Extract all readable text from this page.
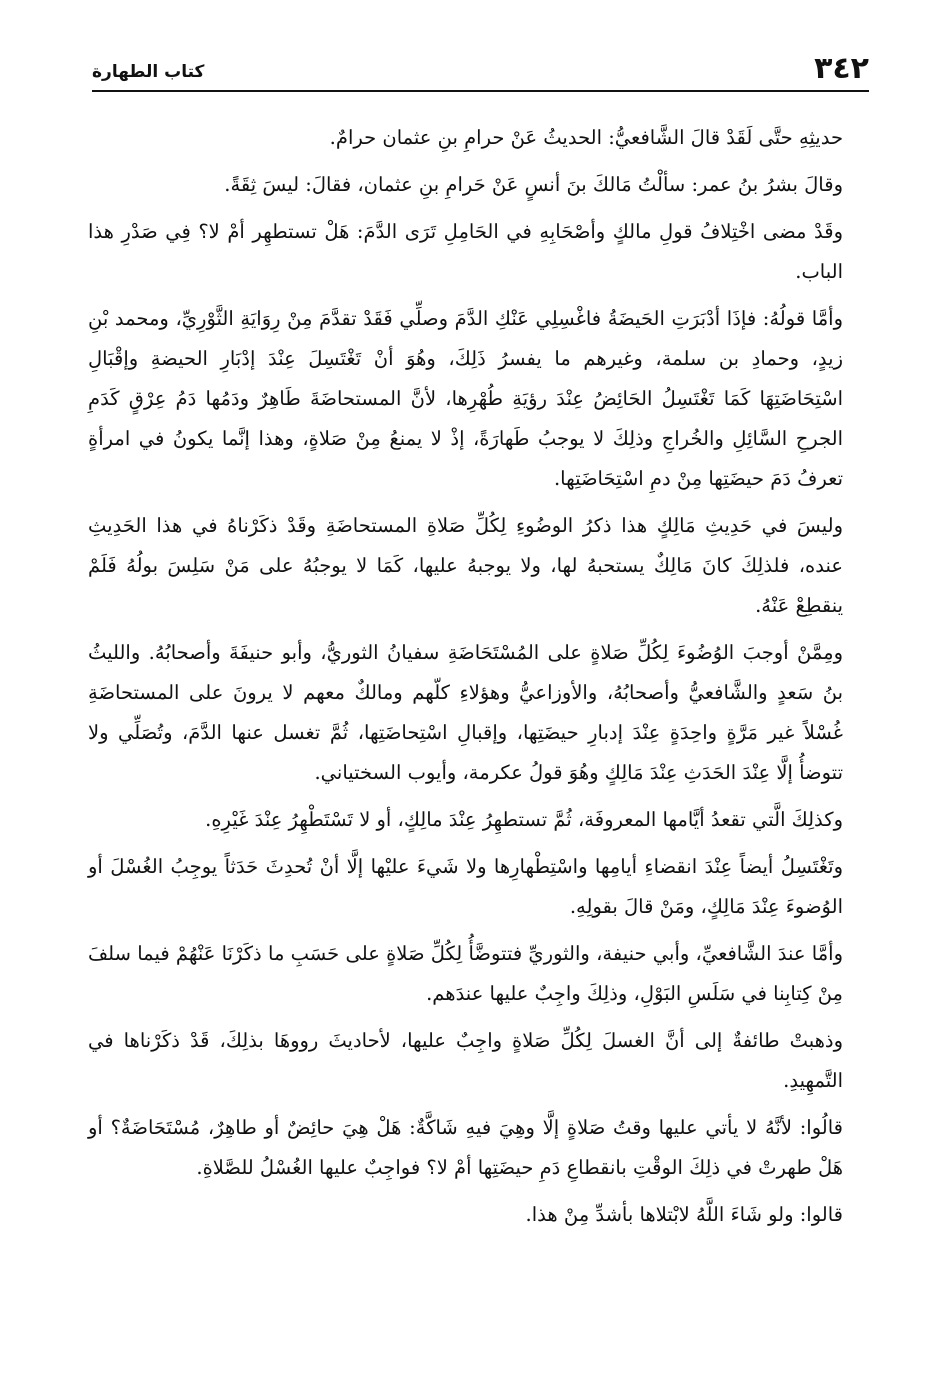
٣٤٢
كتاب الطهارة

حديثِهِ حتَّى لَقَدْ قالَ الشَّافعيُّ: الحديثُ عَنْ حرامِ بنِ عثمان حرامٌ.

وقالَ بشرُ بنُ عمر: سألْتُ مَالكَ بنَ أنسٍ عَنْ حَرامِ بنِ عثمان، فقالَ: ليسَ ثِقَةً.

وقَدْ مضى اخْتِلافُ قولِ مالكٍ وأصْحَابِهِ في الحَامِلِ تَرَى الدَّمَ: هَلْ تستطهِر أمْ لا؟ فِي صَدْرِ هذا الباب.

وأمَّا قولُهُ: فإذَا أدْبَرَتِ الحَيضَةُ فاغْسِلِي عَنْكِ الدَّمَ وصلِّي فَقَدْ تقدَّمَ مِنْ رِوَايَةِ الثَّوْرِيِّ، ومحمد بْنِ زيدٍ، وحمادِ بن سلمة، وغيرهم ما يفسرُ ذَلِكَ، وهُوَ أنْ تَغْتَسِلَ عِنْدَ إدْبَارِ الحيضةِ وإقْبَالِ اسْتِحَاضَتِهَا كَمَا تَغْتَسِلُ الحَائِضُ عِنْدَ رؤيَةِ طُهْرِها، لأنَّ المستحاضَةَ طَاهِرٌ ودَمُها دَمُ عِرْقٍ كَدَمِ الجرحِ السَّائِلِ والخُراجِ وذلِكَ لا يوجبُ طَهارَةً، إذْ لا يمنعُ مِنْ صَلاةٍ، وهذا إنَّما يكونُ في امرأةٍ تعرفُ دَمَ حيضَتِها مِنْ دمِ اسْتِحَاضَتِها.

وليسَ في حَدِيثِ مَالِكٍ هذا ذكرُ الوضُوءِ لِكُلِّ صَلاةِ المستحاضَةِ وقَدْ ذكَرْناهُ في هذا الحَدِيثِ عنده، فلذلِكَ كانَ مَالِكٌ يستحبهُ لها، ولا يوجبهُ عليها، كَمَا لا يوجبُهُ على مَنْ سَلِسَ بولُهُ فَلَمْ ينقطِعْ عَنْهُ.

ومِمَّنْ أوجبَ الوُضُوءَ لِكُلِّ صَلاةٍ على المُسْتَحَاضَةِ سفيانُ الثوريُّ، وأبو حنيفَةَ وأصحابُهُ. والليثُ بنُ سَعدٍ والشَّافعيُّ وأصحابُهُ، والأوزاعيُّ وهؤلاءِ كلّهم ومالكٌ معهم لا يرونَ على المستحاضَةِ غُسْلاً غير مَرَّةٍ واحِدَةٍ عِنْدَ إدبارِ حيضَتِها، وإقبالِ اسْتِحاضَتِها، ثُمَّ تغسل عنها الدَّمَ، وتُصَلِّي ولا تتوضأُ إلَّا عِنْدَ الحَدَثِ عِنْدَ مَالِكٍ وهُوَ قولُ عكرمة، وأيوب السختياني.

وكذلِكَ الَّتي تقعدُ أيَّامها المعروفَة، ثُمَّ تستطهِرُ عِنْدَ مالِكٍ، أو لا تَسْتَطْهِرُ عِنْدَ غَيْرِهِ.

وتَغْتَسِلُ أيضاً عِنْدَ انقضاءِ أيامِها واسْتِطْهارِها ولا شَيءَ عليْها إلَّا أنْ تُحدِثَ حَدَثاً يوجِبُ الغُسْلَ أو الوُضوءَ عِنْدَ مَالِكٍ، ومَنْ قالَ بقولِهِ.

وأمَّا عندَ الشَّافعيِّ، وأبي حنيفة، والثوريِّ فتتوضَّأُ لِكُلِّ صَلاةٍ على حَسَبِ ما ذكَرْنَا عَنْهُمْ فيما سلفَ مِنْ كِتابِنا في سَلَسِ البَوْلِ، وذلِكَ واجِبٌ عليها عندَهم.

وذهبتْ طائفةٌ إلى أنَّ الغسلَ لِكُلِّ صَلاةٍ واجِبٌ عليها، لأحاديثَ رووهَا بذلِكَ، قَدْ ذكَرْناها في التَّمهِيدِ.

قالُوا: لأنَّهُ لا يأتي عليها وقتُ صَلاةٍ إلَّا وهِيَ فيهِ شَاكَّةٌ: هَلْ هِيَ حائِضٌ أو طاهِرٌ، مُسْتَحَاضَةٌ؟ أو هَلْ طهرتْ في ذلِكَ الوقْتِ بانقطاعِ دَمِ حيضَتِها أمْ لا؟ فواجِبٌ عليها الغُسْلُ للصَّلاةِ.

قالوا: ولو شَاءَ اللَّهُ لابْتلاها بأشدِّ مِنْ هذا.
